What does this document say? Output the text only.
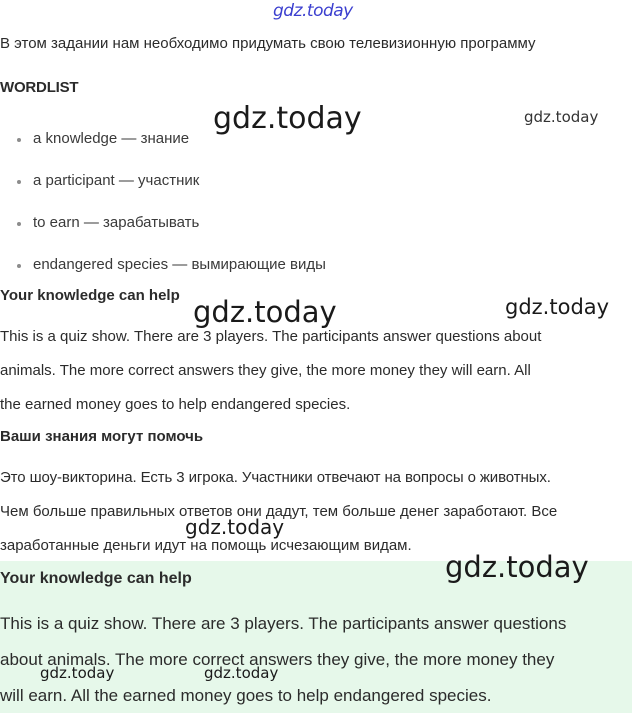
gdz.today
В этом задании нам необходимо придумать свою телевизионную программу
WORDLIST
a knowledge — знание
a participant — участник
to earn — зарабатывать
endangered species — вымирающие виды
Your knowledge can help
This is a quiz show. There are 3 players. The participants answer questions about
animals. The more correct answers they give, the more money they will earn. All
the earned money goes to help endangered species.
Ваши знания могут помочь
Это шоу-викторина. Есть 3 игрока. Участники отвечают на вопросы о животных.
Чем больше правильных ответов они дадут, тем больше денег заработают. Все
заработанные деньги идут на помощь исчезающим видам.
Your knowledge can help
This is a quiz show. There are 3 players. The participants answer questions
about animals. The more correct answers they give, the more money they
will earn. All the earned money goes to help endangered species.
gdz.today	gdz.today
gdz.today	gdz.today
gdz.today
gdz.today
gdz.today	gdz.today
